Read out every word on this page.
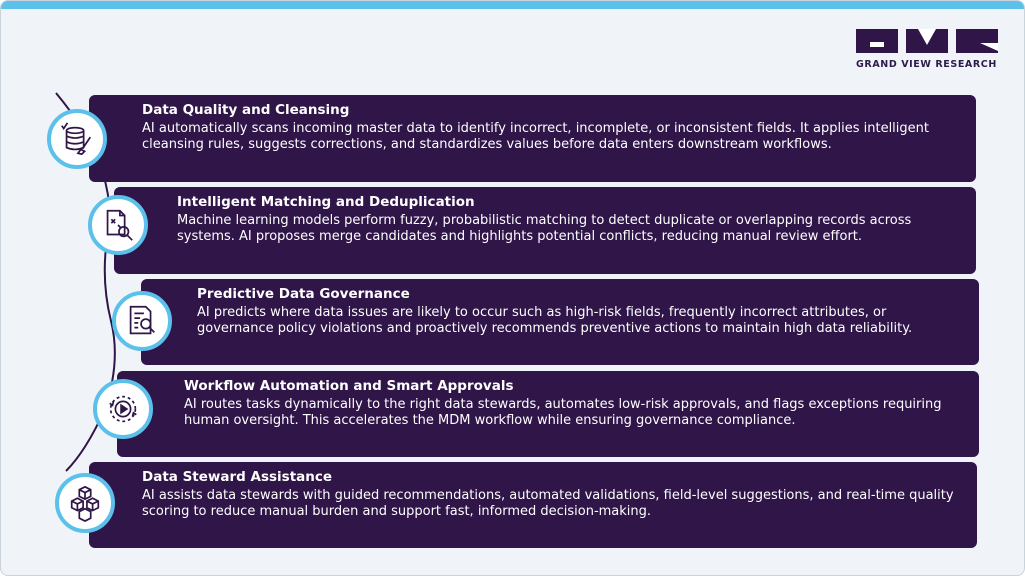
GRAND VIEW RESEARCH
Data Quality and Cleansing

AI automatically scans incoming master data to identify incorrect, incomplete, or inconsistent fields. It applies intelligent cleansing rules, suggests corrections, and standardizes values before data enters downstream workflows.

Intelligent Matching and Deduplication

Machine learning models perform fuzzy, probabilistic matching to detect duplicate or overlapping records across systems. AI proposes merge candidates and highlights potential conflicts, reducing manual review effort.

Predictive Data Governance

AI predicts where data issues are likely to occur such as high-risk fields, frequently incorrect attributes, or governance policy violations and proactively recommends preventive actions to maintain high data reliability.

Workflow Automation and Smart Approvals

AI routes tasks dynamically to the right data stewards, automates low-risk approvals, and flags exceptions requiring human oversight. This accelerates the MDM workflow while ensuring governance compliance.

Data Steward Assistance

AI assists data stewards with guided recommendations, automated validations, field-level suggestions, and real-time quality scoring to reduce manual burden and support fast, informed decision-making.
